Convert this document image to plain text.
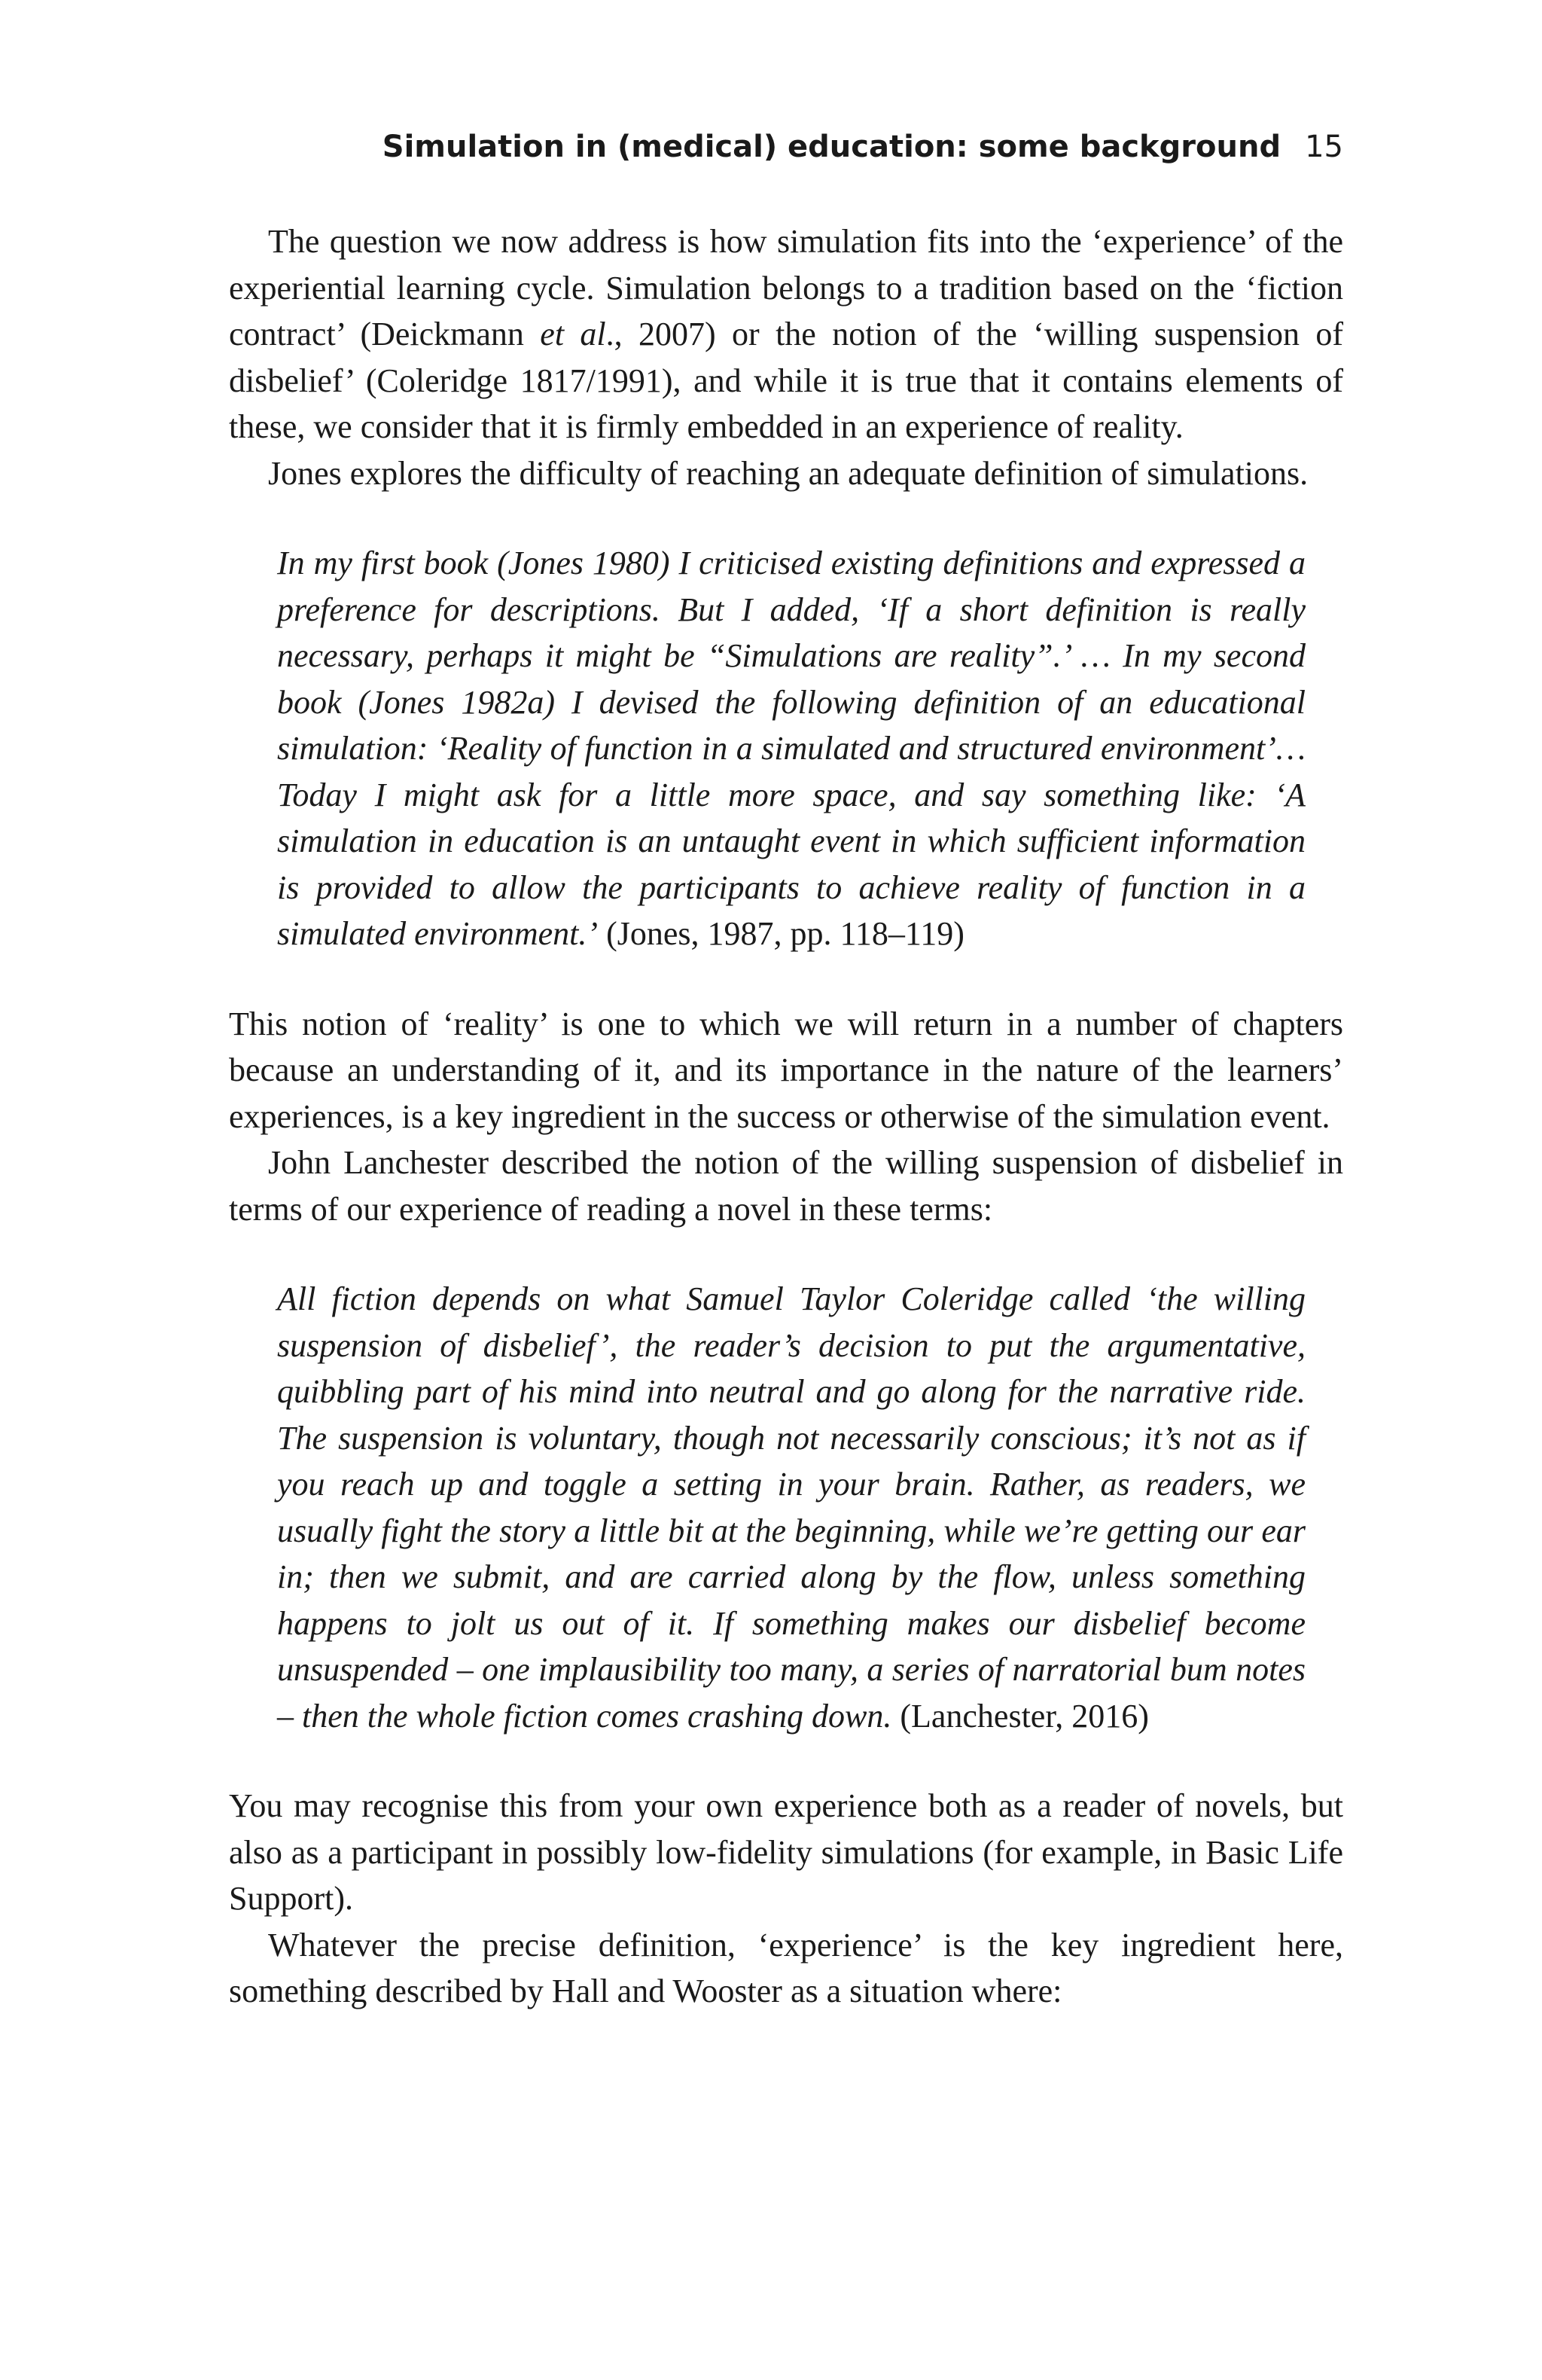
Simulation in (medical) education: some background 15

The question we now address is how simulation fits into the ‘experience’ of the experiential learning cycle. Simulation belongs to a tradition based on the ‘fiction contract’ (Deickmann et al., 2007) or the notion of the ‘willing suspension of disbelief’ (Coleridge 1817/1991), and while it is true that it contains elements of these, we consider that it is firmly embedded in an experience of reality.

Jones explores the difficulty of reaching an adequate definition of simulations.

In my first book (Jones 1980) I criticised existing definitions and expressed a preference for descriptions. But I added, ‘If a short definition is really necessary, perhaps it might be “Simulations are reality”.’ … In my second book (Jones 1982a) I devised the following definition of an educational simulation: ‘Reality of function in a simulated and structured environment’… Today I might ask for a little more space, and say something like: ‘A simulation in education is an untaught event in which sufficient information is provided to allow the participants to achieve reality of function in a simulated environment.’ (Jones, 1987, pp. 118–119)

This notion of ‘reality’ is one to which we will return in a number of chapters because an understanding of it, and its importance in the nature of the learners’ experiences, is a key ingredient in the success or otherwise of the simulation event.

John Lanchester described the notion of the willing suspension of disbelief in terms of our experience of reading a novel in these terms:

All fiction depends on what Samuel Taylor Coleridge called ‘the willing suspension of disbelief’, the reader’s decision to put the argumentative, quibbling part of his mind into neutral and go along for the narrative ride. The suspension is voluntary, though not necessarily conscious; it’s not as if you reach up and toggle a setting in your brain. Rather, as readers, we usually fight the story a little bit at the beginning, while we’re getting our ear in; then we submit, and are carried along by the flow, unless something happens to jolt us out of it. If something makes our disbelief become unsuspended – one implausibility too many, a series of narratorial bum notes – then the whole fiction comes crashing down. (Lanchester, 2016)

You may recognise this from your own experience both as a reader of novels, but also as a participant in possibly low-fidelity simulations (for example, in Basic Life Support).

Whatever the precise definition, ‘experience’ is the key ingredient here, something described by Hall and Wooster as a situation where:
